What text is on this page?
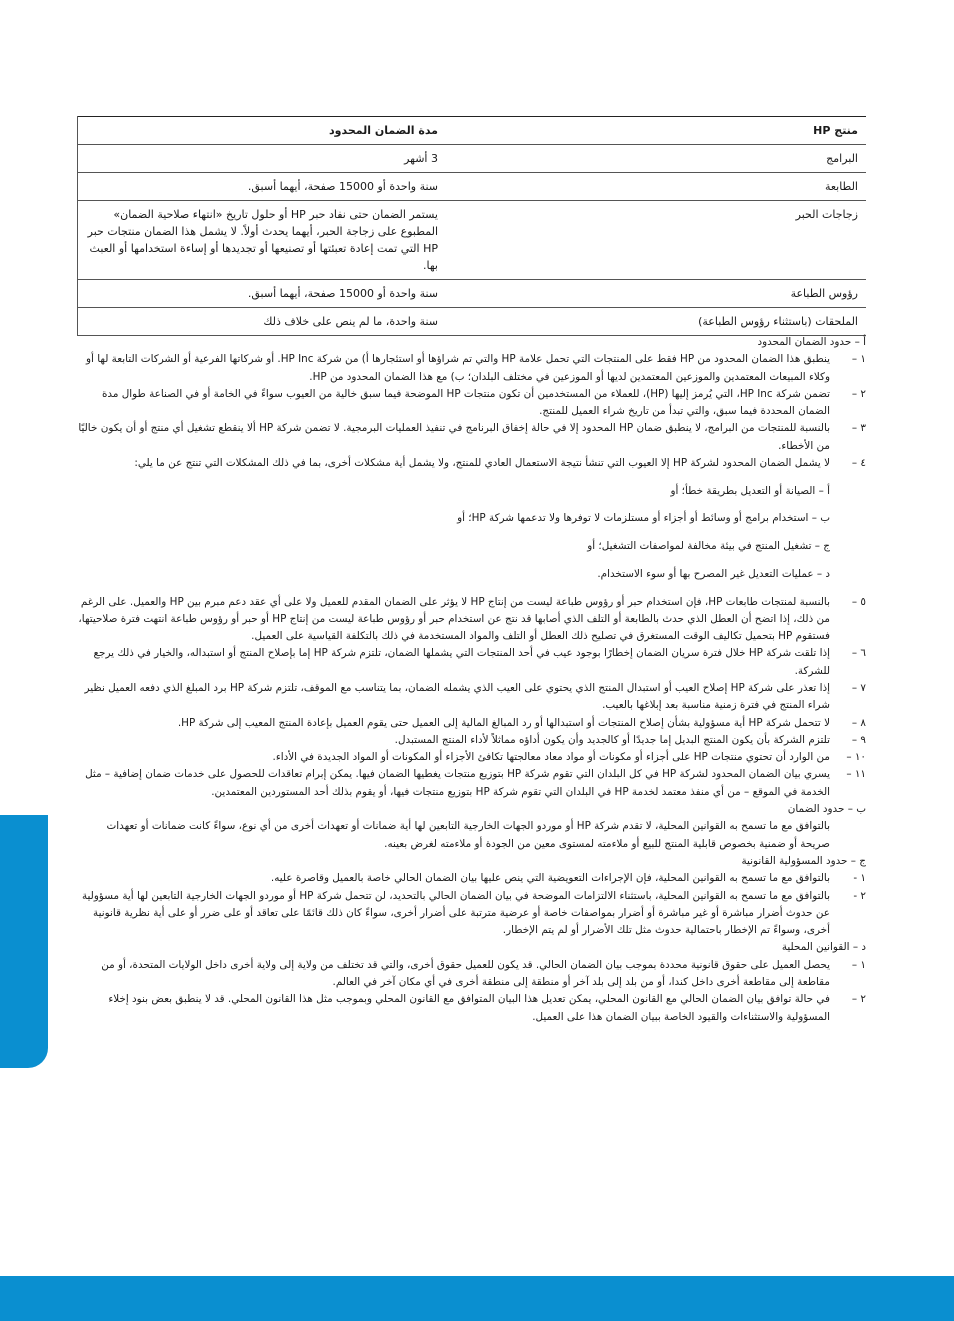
منتج HP	مدة الضمان المحدود
البرامج	3 أشهر
الطابعة	سنة واحدة أو 15000 صفحة، أيهما أسبق.
زجاجات الحبر	يستمر الضمان حتى نفاد حبر HP أو حلول تاريخ «انتهاء صلاحية الضمان» المطبوع على زجاجة الحبر، أيهما يحدث أولاً. لا يشمل هذا الضمان منتجات حبر HP التي تمت إعادة تعبئتها أو تصنيعها أو تجديدها أو إساءة استخدامها أو العبث بها.
رؤوس الطباعة	سنة واحدة أو 15000 صفحة، أيهما أسبق.
الملحقات (باستثناء رؤوس الطباعة)	سنة واحدة، ما لم ينص على خلاف ذلك

أ – حدود الضمان المحدود

١ –
ينطبق هذا الضمان المحدود من HP فقط على المنتجات التي تحمل علامة HP والتي تم شراؤها أو استئجارها أ) من شركة HP Inc. أو شركاتها الفرعية أو الشركات التابعة لها أو وكلاء المبيعات المعتمدين والموزعين المعتمدين لديها أو الموزعين في مختلف البلدان؛ ب) مع هذا الضمان المحدود من HP.
٢ –
تضمن شركة HP Inc، التي يُرمز إليها (HP)، للعملاء من المستخدمين أن تكون منتجات HP الموضحة فيما سبق خالية من العيوب سواءً في الخامة أو في الصناعة طوال مدة الضمان المحددة فيما سبق، والتي تبدأ من تاريخ شراء العميل للمنتج.
٣ –
بالنسبة للمنتجات من البرامج، لا ينطبق ضمان HP المحدود إلا في حالة إخفاق البرنامج في تنفيذ العمليات البرمجية. لا تضمن شركة HP ألا ينقطع تشغيل أي منتج أو أن يكون خاليًا من الأخطاء.
٤ –
لا يشمل الضمان المحدود لشركة HP إلا العيوب التي تنشأ نتيجة الاستعمال العادي للمنتج، ولا يشمل أية مشكلات أخرى، بما في ذلك المشكلات التي تنتج عن ما يلي:

أ – الصيانة أو التعديل بطريقة خطأ؛ أو

ب – استخدام برامج أو وسائط أو أجزاء أو مستلزمات لا توفرها ولا تدعمها شركة HP؛ أو

ج – تشغيل المنتج في بيئة مخالفة لمواصفات التشغيل؛ أو

د – عمليات التعديل غير المصرح بها أو سوء الاستخدام.

٥ –
بالنسبة لمنتجات طابعات HP، فإن استخدام حبر أو رؤوس طباعة ليست من إنتاج HP لا يؤثر على الضمان المقدم للعميل ولا على أي عقد دعم مبرم بين HP والعميل. على الرغم من ذلك، إذا اتضح أن العطل الذي حدث بالطابعة أو التلف الذي أصابها قد نتج عن استخدام حبر أو رؤوس طباعة ليست من إنتاج HP أو حبر أو رؤوس طباعة انتهت فترة صلاحيتها، فستقوم HP بتحميل تكاليف الوقت المستغرق في تصليح ذلك العطل أو التلف والمواد المستخدمة في ذلك بالتكلفة القياسية على العميل.
٦ –
إذا تلقت شركة HP خلال فترة سريان الضمان إخطارًا بوجود عيب في أحد المنتجات التي يشملها الضمان، تلتزم شركة HP إما بإصلاح المنتج أو استبداله، والخيار في ذلك يرجع للشركة.
٧ –
إذا تعذر على شركة HP إصلاح العيب أو استبدال المنتج الذي يحتوي على العيب الذي يشمله الضمان، بما يتناسب مع الموقف، تلتزم شركة HP برد المبلغ الذي دفعه العميل نظير شراء المنتج في فترة زمنية مناسبة بعد إبلاغها بالعيب.
٨ –
لا تتحمل شركة HP أية مسؤولية بشأن إصلاح المنتجات أو استبدالها أو رد المبالغ المالية إلى العميل حتى يقوم العميل بإعادة المنتج المعيب إلى شركة HP.
٩ –
تلتزم الشركة بأن يكون المنتج البديل إما جديدًا أو كالجديد وأن يكون أداؤه مماثلاً لأداء المنتج المستبدل.
١٠ –
من الوارد أن تحتوي منتجات HP على أجزاء أو مكونات أو مواد معاد معالجتها تكافئ الأجزاء أو المكونات أو المواد الجديدة في الأداء.
١١ –
يسري بيان الضمان المحدود لشركة HP في كل البلدان التي تقوم شركة HP بتوزيع منتجات يغطيها الضمان فيها. يمكن إبرام تعاقدات للحصول على خدمات ضمان إضافية – مثل الخدمة في الموقع – من أي منفذ معتمد لخدمة HP في البلدان التي تقوم شركة HP بتوزيع منتجات فيها، أو يقوم بذلك أحد المستوردين المعتمدين.

ب – حدود الضمان

بالتوافق مع ما تسمح به القوانين المحلية، لا تقدم شركة HP أو موردو الجهات الخارجية التابعين لها أية ضمانات أو تعهدات أخرى من أي نوع، سواءً كانت ضمانات أو تعهدات صريحة أو ضمنية بخصوص قابلية المنتج للبيع أو ملاءمته لمستوى معين من الجودة أو ملاءمته لغرض بعينه.

ج – حدود المسؤولية القانونية

١ -
بالتوافق مع ما تسمح به القوانين المحلية، فإن الإجراءات التعويضية التي ينص عليها بيان الضمان الحالي خاصة بالعميل وقاصرة عليه.
٢ -
بالتوافق مع ما تسمح به القوانين المحلية، باستثناء الالتزامات الموضحة في بيان الضمان الحالي بالتحديد، لن تتحمل شركة HP أو موردو الجهات الخارجية التابعين لها أية مسؤولية عن حدوث أضرار مباشرة أو غير مباشرة أو أضرار بمواصفات خاصة أو عرضية مترتبة على أضرار أخرى، سواءً كان ذلك قائمًا على تعاقد أو على ضرر أو على أية نظرية قانونية أخرى، وسواءً تم الإخطار باحتمالية حدوث مثل تلك الأضرار أو لم يتم الإخطار.

د – القوانين المحلية

١ –
يحصل العميل على حقوق قانونية محددة بموجب بيان الضمان الحالي. قد يكون للعميل حقوق أخرى، والتي قد تختلف من ولاية إلى ولاية أخرى داخل الولايات المتحدة، أو من مقاطعة إلى مقاطعة أخرى داخل كندا، أو من بلد إلى بلد آخر أو منطقة إلى منطقة أخرى في أي مكان آخر في العالم.
٢ –
في حالة توافق بيان الضمان الحالي مع القانون المحلي، يمكن تعديل هذا البيان المتوافق مع القانون المحلي وبموجب مثل هذا القانون المحلي. قد لا ينطبق بعض بنود إخلاء المسؤولية والاستثناءات والقيود الخاصة ببيان الضمان هذا على العميل.
